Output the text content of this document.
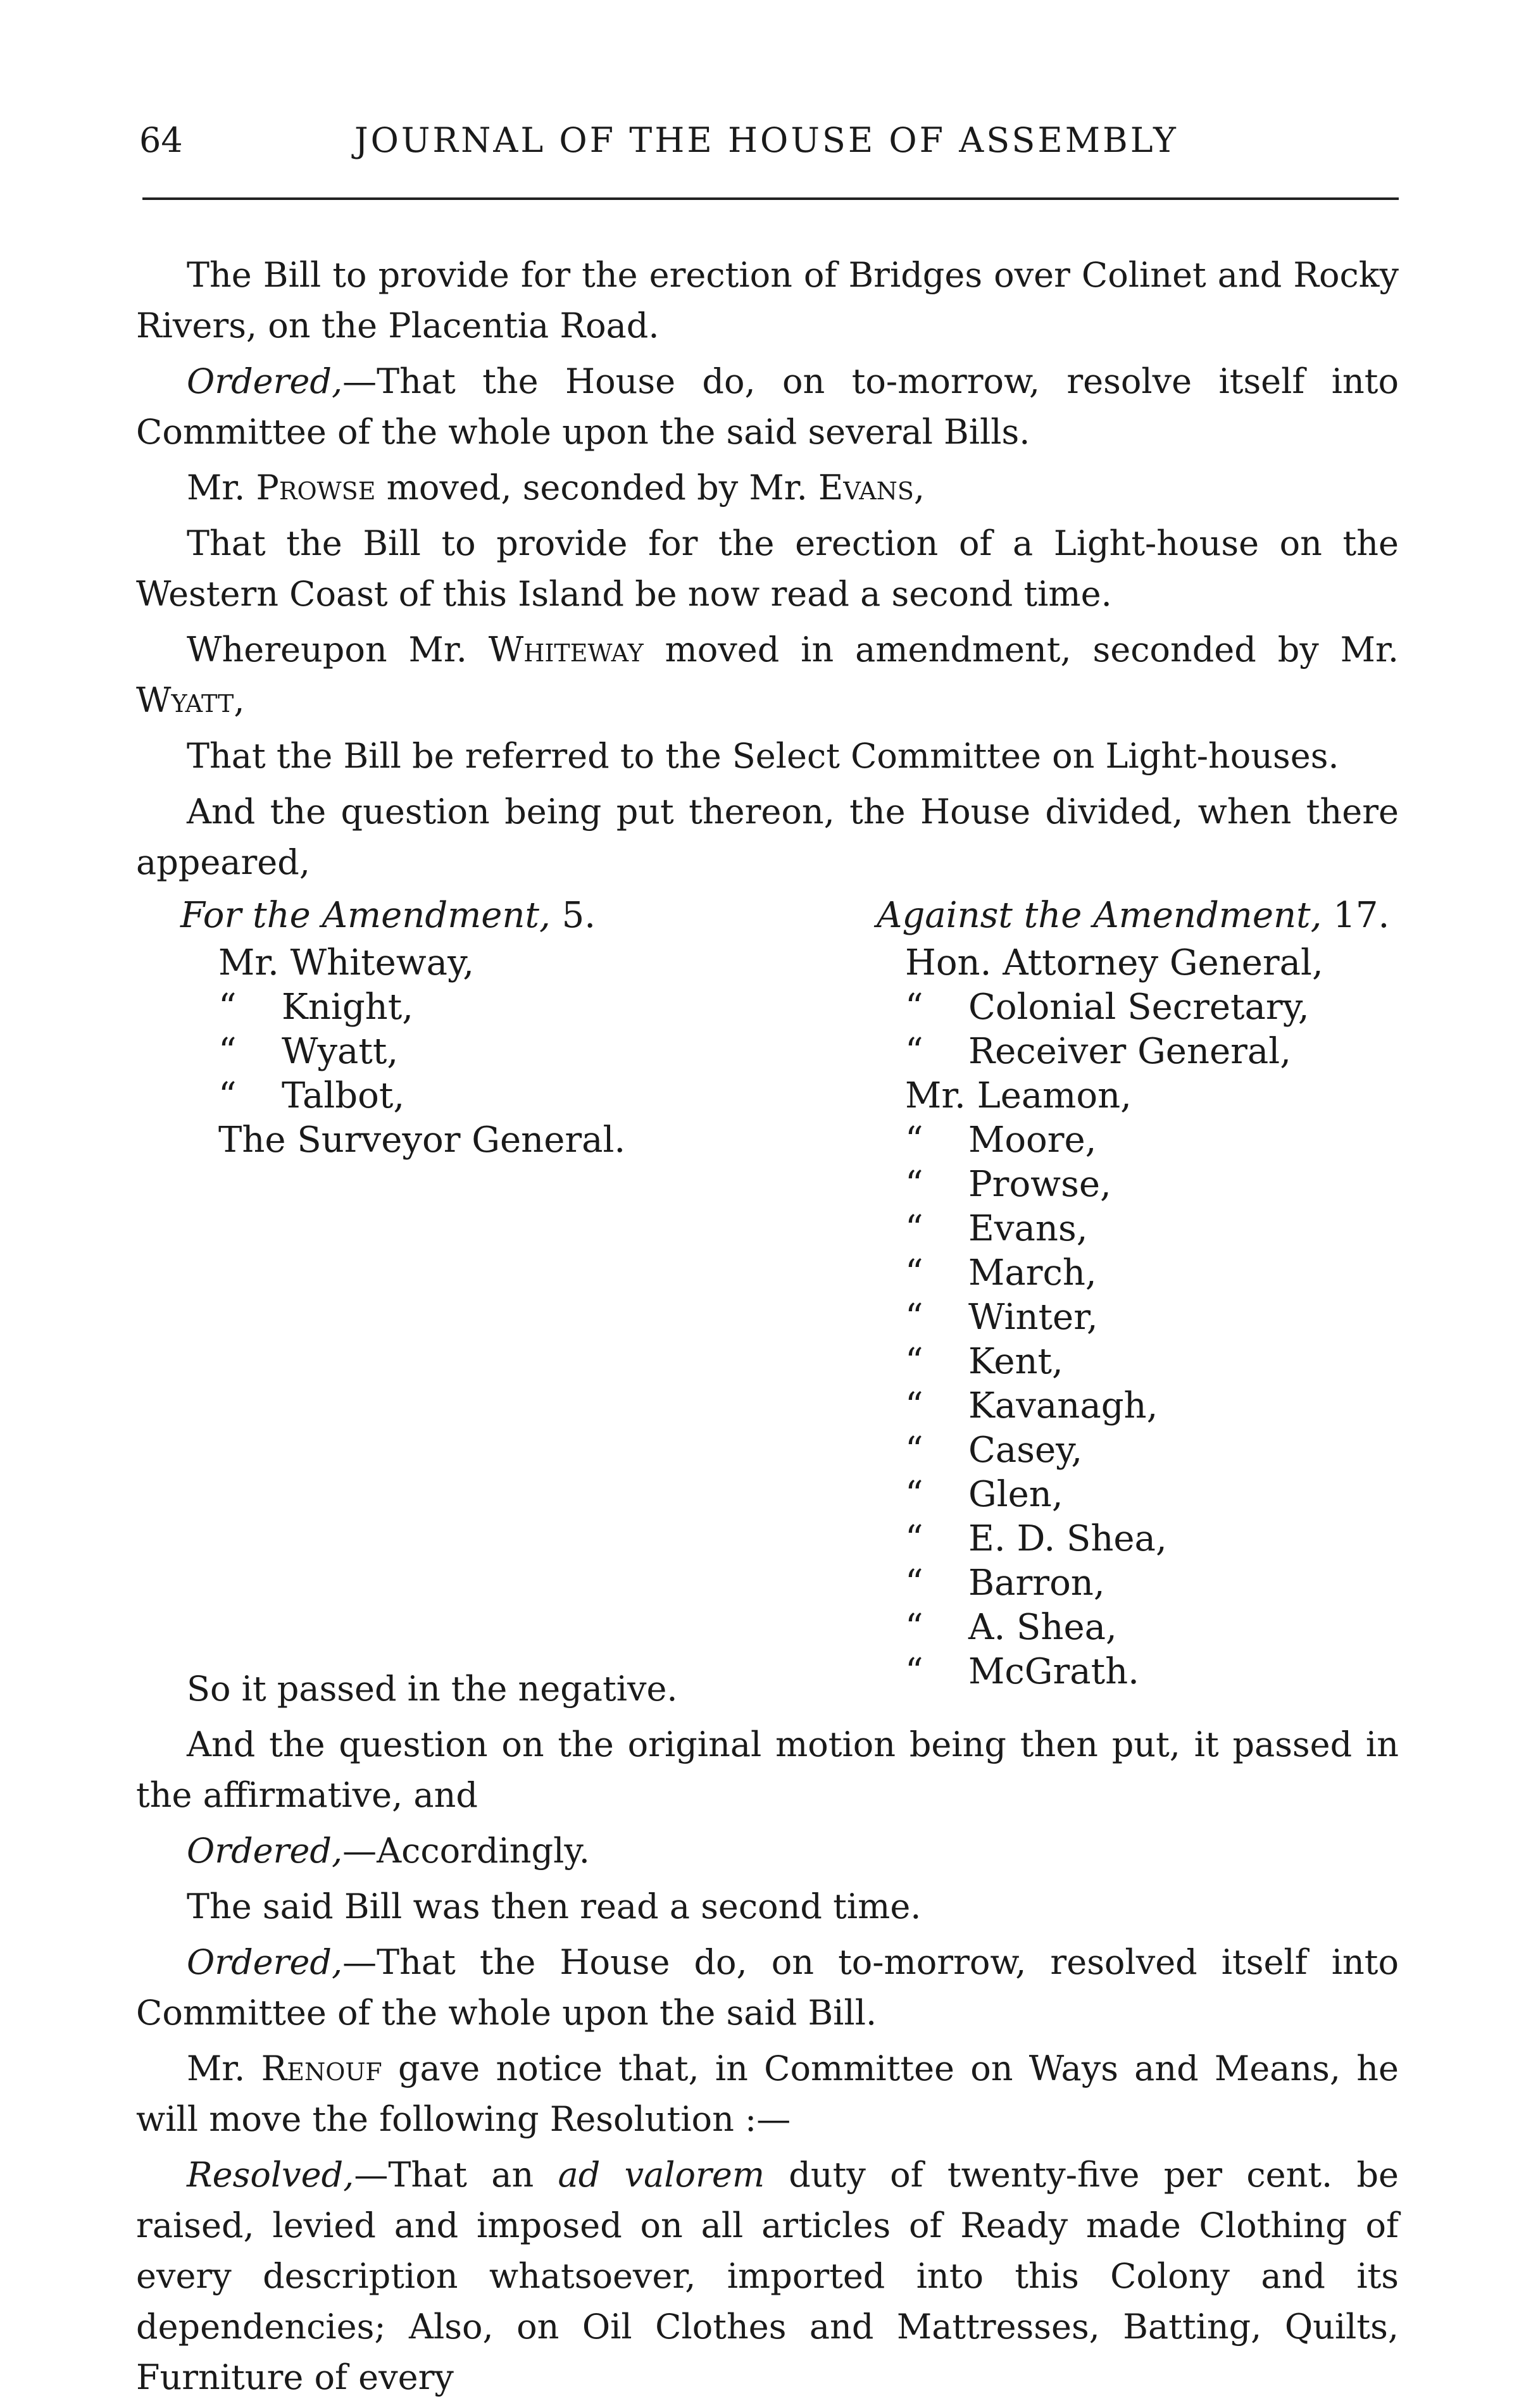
64	JOURNAL OF THE HOUSE OF ASSEMBLY

The Bill to provide for the erection of Bridges over Colinet and Rocky Rivers, on the Placentia Road.

Ordered,—That the House do, on to-morrow, resolve itself into Committee of the whole upon the said several Bills.

Mr. Prowse moved, seconded by Mr. Evans,

That the Bill to provide for the erection of a Light-house on the Western Coast of this Island be now read a second time.

Whereupon Mr. Whiteway moved in amendment, seconded by Mr. Wyatt,

That the Bill be referred to the Select Committee on Light-houses.

And the question being put thereon, the House divided, when there appeared,

For the Amendment, 5.
Mr. Whiteway,
“ Knight,
“ Wyatt,
“ Talbot,
The Surveyor General.
Against the Amendment, 17.
Hon. Attorney General,
“ Colonial Secretary,
“ Receiver General,
Mr. Leamon,
“ Moore,
“ Prowse,
“ Evans,
“ March,
“ Winter,
“ Kent,
“ Kavanagh,
“ Casey,
“ Glen,
“ E. D. Shea,
“ Barron,
“ A. Shea,
“ McGrath.

So it passed in the negative.

And the question on the original motion being then put, it passed in the affirmative, and

Ordered,—Accordingly.

The said Bill was then read a second time.

Ordered,—That the House do, on to-morrow, resolved itself into Committee of the whole upon the said Bill.

Mr. Renouf gave notice that, in Committee on Ways and Means, he will move the following Resolution :—

Resolved,—That an ad valorem duty of twenty-five per cent. be raised, levied and imposed on all articles of Ready made Clothing of every description whatsoever, imported into this Colony and its dependencies; Also, on Oil Clothes and Mattresses, Batting, Quilts, Furniture of every
